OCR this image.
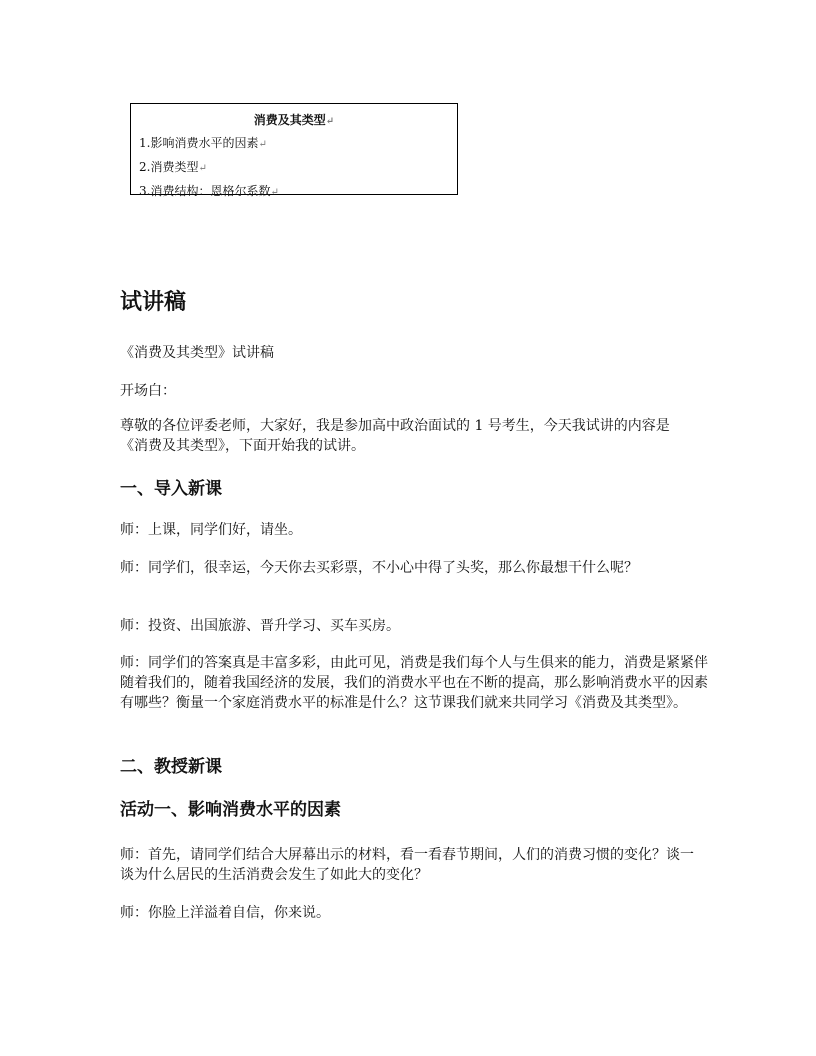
消费及其类型↵
1.影响消费水平的因素↵
2.消费类型↵
3.消费结构：恩格尔系数↵
试讲稿

《消费及其类型》试讲稿

开场白：

尊敬的各位评委老师，大家好，我是参加高中政治面试的 1 号考生，今天我试讲的内容是《消费及其类型》，下面开始我的试讲。

一、导入新课

师：上课，同学们好，请坐。

师：同学们，很幸运，今天你去买彩票，不小心中得了头奖，那么你最想干什么呢？

师：投资、出国旅游、晋升学习、买车买房。

师：同学们的答案真是丰富多彩，由此可见，消费是我们每个人与生俱来的能力，消费是紧紧伴随着我们的，随着我国经济的发展，我们的消费水平也在不断的提高，那么影响消费水平的因素有哪些？衡量一个家庭消费水平的标准是什么？这节课我们就来共同学习《消费及其类型》。

二、教授新课
活动一、影响消费水平的因素

师：首先，请同学们结合大屏幕出示的材料，看一看春节期间，人们的消费习惯的变化？谈一谈为什么居民的生活消费会发生了如此大的变化？

师：你脸上洋溢着自信，你来说。
